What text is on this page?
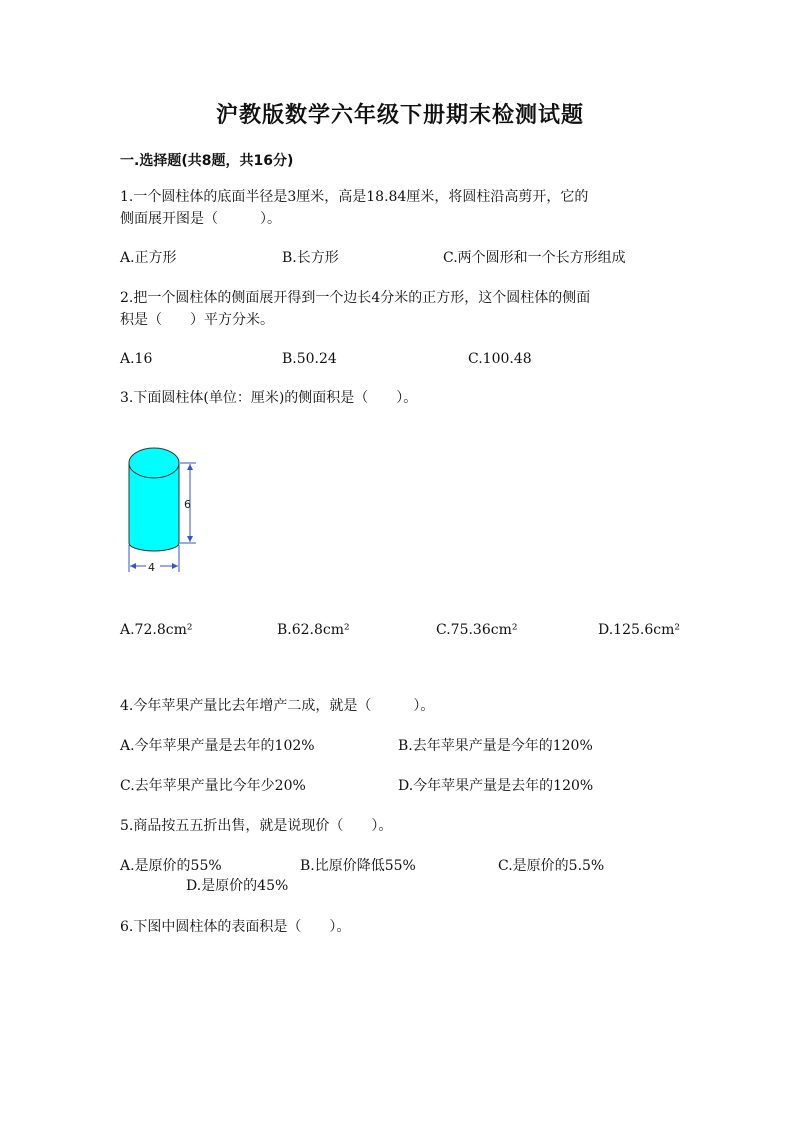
沪教版数学六年级下册期末检测试题
一.选择题(共8题，共16分)
1.一个圆柱体的底面半径是3厘米，高是18.84厘米，将圆柱沿高剪开，它的
侧面展开图是（　　　）。
A.正方形	B.长方形	C.两个圆形和一个长方形组成
2.把一个圆柱体的侧面展开得到一个边长4分米的正方形，这个圆柱体的侧面
积是（　　）平方分米。
A.16	B.50.24	C.100.48
3.下面圆柱体(单位：厘米)的侧面积是（　　）。
6
4
A.72.8cm²	B.62.8cm²	C.75.36cm²	D.125.6cm²
4.今年苹果产量比去年增产二成，就是（　　　）。
A.今年苹果产量是去年的102%	B.去年苹果产量是今年的120%
C.去年苹果产量比今年少20%	D.今年苹果产量是去年的120%
5.商品按五五折出售，就是说现价（　　）。
A.是原价的55%	B.比原价降低55%	C.是原价的5.5%
D.是原价的45%
6.下图中圆柱体的表面积是（　　）。
